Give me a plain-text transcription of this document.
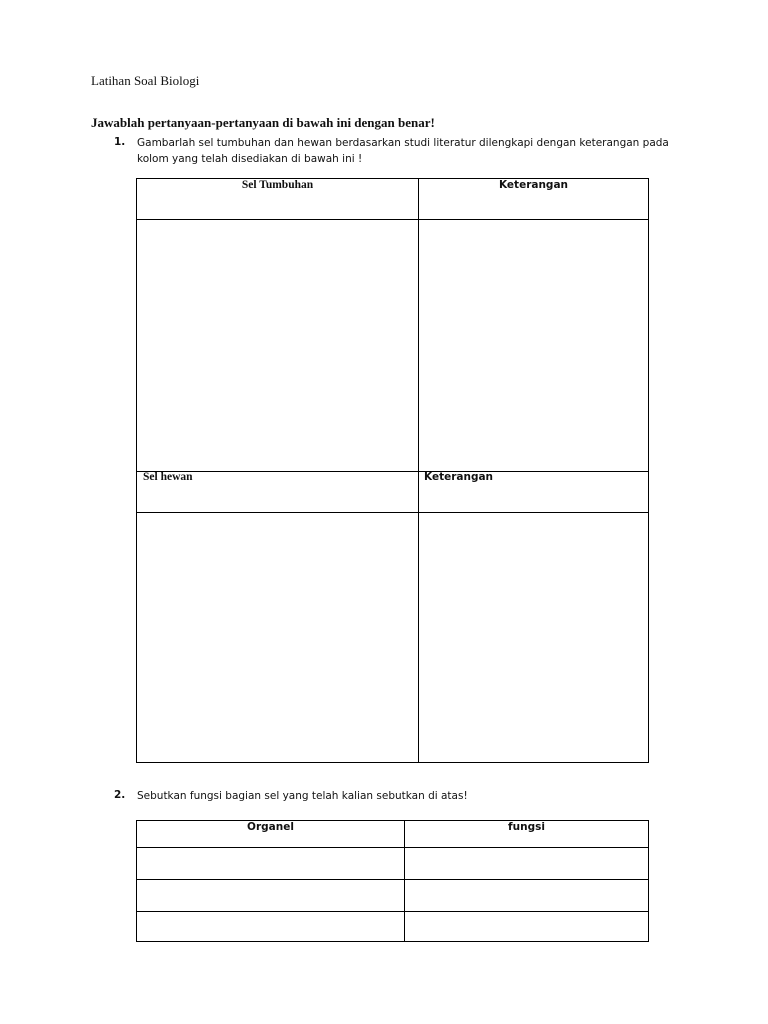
Latihan Soal Biologi
Jawablah pertanyaan-pertanyaan di bawah ini dengan benar!
1. Gambarlah sel tumbuhan dan hewan berdasarkan studi literatur dilengkapi dengan keterangan pada kolom yang telah disediakan di bawah ini !
Sel Tumbuhan	Keterangan
Sel hewan	Keterangan
2. Sebutkan fungsi bagian sel yang telah kalian sebutkan di atas!
Organel	fungsi
